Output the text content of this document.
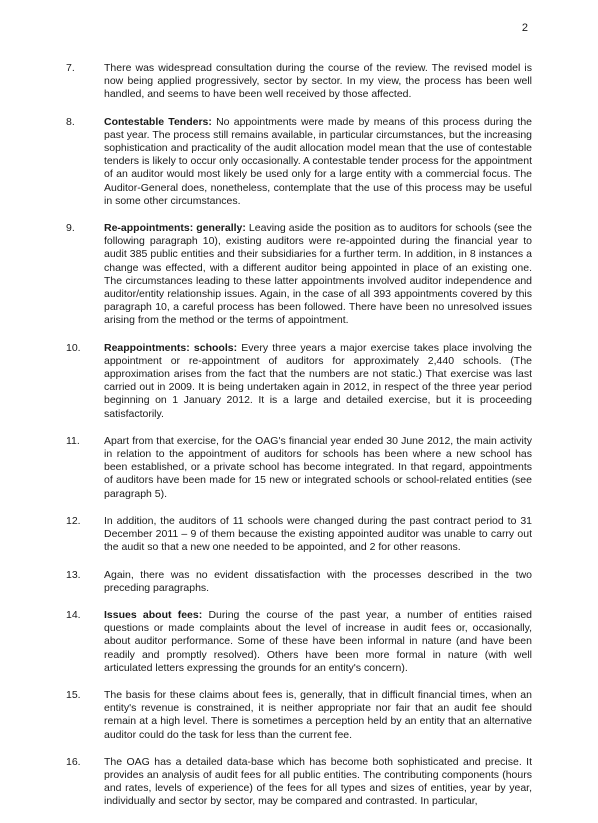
2
7.	There was widespread consultation during the course of the review. The revised model is now being applied progressively, sector by sector. In my view, the process has been well handled, and seems to have been well received by those affected.
8.	Contestable Tenders: No appointments were made by means of this process during the past year. The process still remains available, in particular circumstances, but the increasing sophistication and practicality of the audit allocation model mean that the use of contestable tenders is likely to occur only occasionally. A contestable tender process for the appointment of an auditor would most likely be used only for a large entity with a commercial focus. The Auditor-General does, nonetheless, contemplate that the use of this process may be useful in some other circumstances.
9.	Re-appointments: generally: Leaving aside the position as to auditors for schools (see the following paragraph 10), existing auditors were re-appointed during the financial year to audit 385 public entities and their subsidiaries for a further term. In addition, in 8 instances a change was effected, with a different auditor being appointed in place of an existing one. The circumstances leading to these latter appointments involved auditor independence and auditor/entity relationship issues. Again, in the case of all 393 appointments covered by this paragraph 10, a careful process has been followed. There have been no unresolved issues arising from the method or the terms of appointment.
10. Reappointments: schools: Every three years a major exercise takes place involving the appointment or re-appointment of auditors for approximately 2,440 schools. (The approximation arises from the fact that the numbers are not static.) That exercise was last carried out in 2009. It is being undertaken again in 2012, in respect of the three year period beginning on 1 January 2012. It is a large and detailed exercise, but it is proceeding satisfactorily.
11. Apart from that exercise, for the OAG's financial year ended 30 June 2012, the main activity in relation to the appointment of auditors for schools has been where a new school has been established, or a private school has become integrated. In that regard, appointments of auditors have been made for 15 new or integrated schools or school-related entities (see paragraph 5).
12. In addition, the auditors of 11 schools were changed during the past contract period to 31 December 2011 – 9 of them because the existing appointed auditor was unable to carry out the audit so that a new one needed to be appointed, and 2 for other reasons.
13. Again, there was no evident dissatisfaction with the processes described in the two preceding paragraphs.
14. Issues about fees: During the course of the past year, a number of entities raised questions or made complaints about the level of increase in audit fees or, occasionally, about auditor performance. Some of these have been informal in nature (and have been readily and promptly resolved). Others have been more formal in nature (with well articulated letters expressing the grounds for an entity's concern).
15. The basis for these claims about fees is, generally, that in difficult financial times, when an entity's revenue is constrained, it is neither appropriate nor fair that an audit fee should remain at a high level. There is sometimes a perception held by an entity that an alternative auditor could do the task for less than the current fee.
16. The OAG has a detailed data-base which has become both sophisticated and precise. It provides an analysis of audit fees for all public entities. The contributing components (hours and rates, levels of experience) of the fees for all types and sizes of entities, year by year, individually and sector by sector, may be compared and contrasted. In particular,
